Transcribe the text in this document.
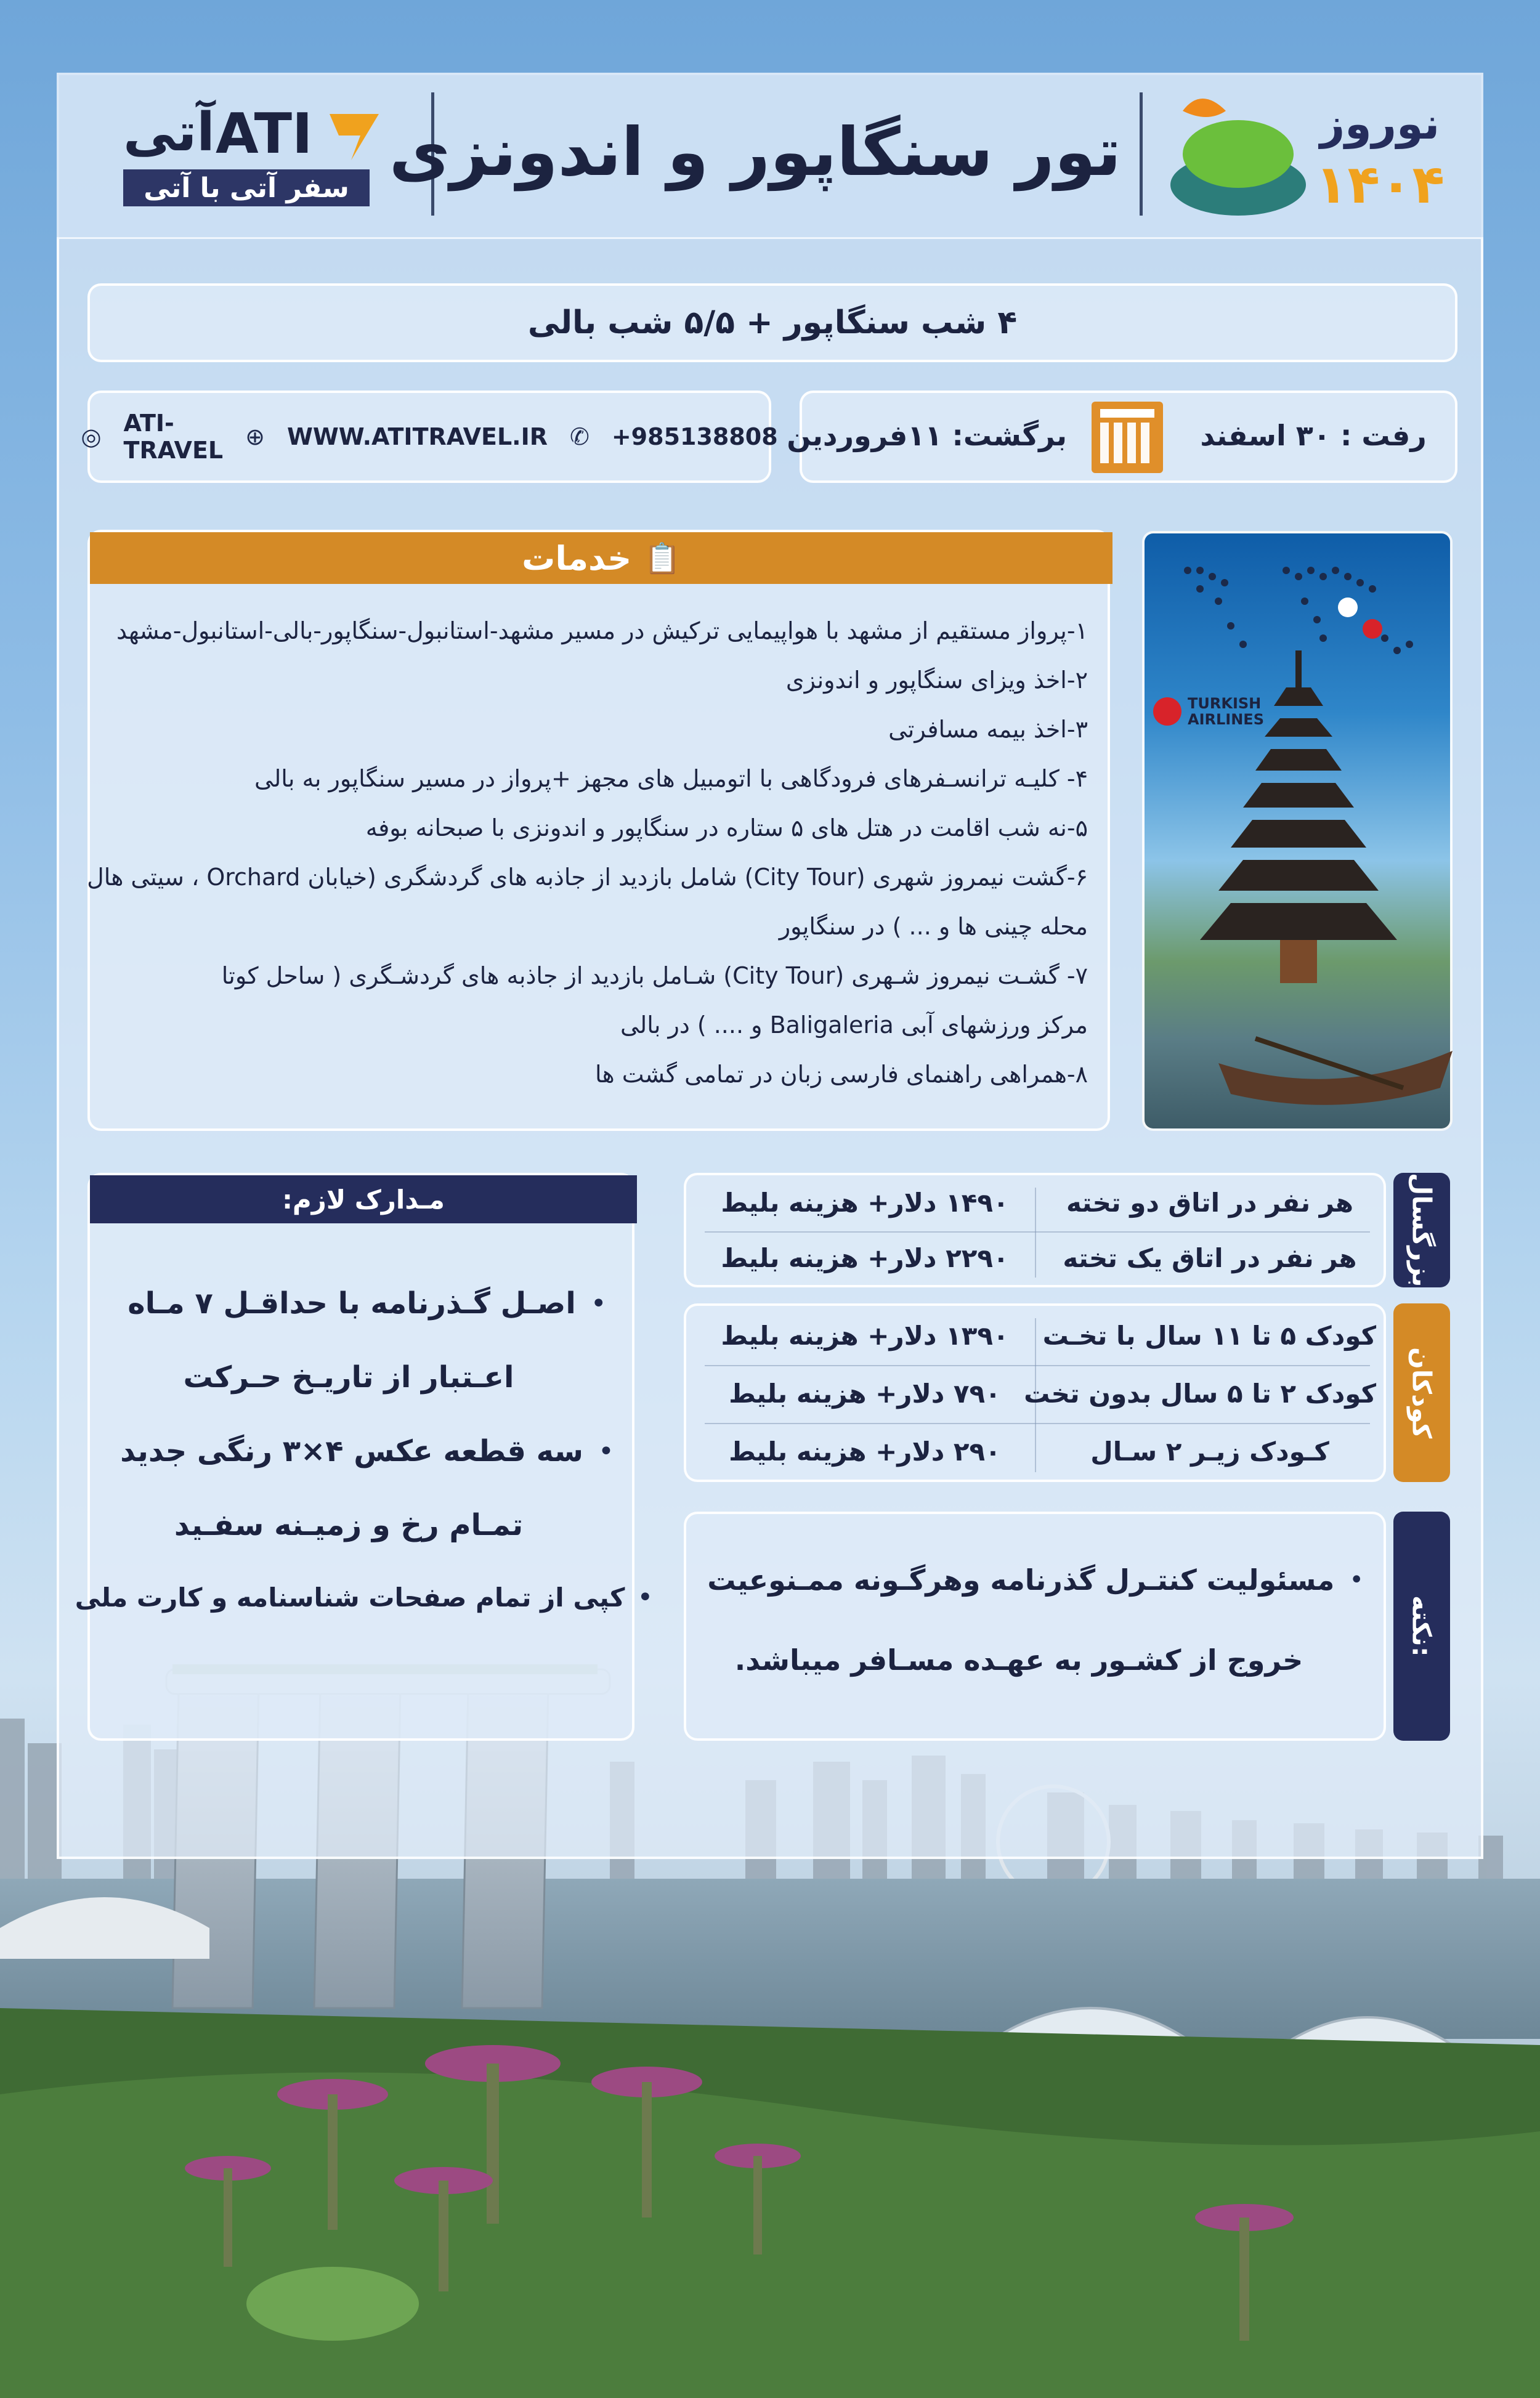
آتی ATI
سفر آتی با آتی تور سنگاپور و اندونزی	نوروز
۱۴۰۴
۴ شب سنگاپور + ۵/۵ شب بالی
◎ ATI-TRAVEL ⊕ WWW.ATITRAVEL.IR ✆ +985138808 برگشت: ۱۱فروردین	رفت : ۳۰ اسفند
TURKISH
AIRLINES
📋
خدمات
۱-پرواز مستقیم از مشهد با هواپیمایی ترکیش در مسیر مشهد-استانبول-سنگاپور-بالی-استانبول-مشهد
۲-اخذ ویزای سنگاپور و اندونزی
۳-اخذ بیمه مسافرتی
۴- کلیـه ترانسـفرهای فرودگاهی با اتومبیل های مجهز +پرواز در مسیر سنگاپور به بالی
۵-نه شب اقامت در هتل های ۵ ستاره در سنگاپور و اندونزی با صبحانه بوفه
۶-گشت نیمروز شهری (City Tour) شامل بازدید از جاذبه های گردشگری (خیابان Orchard ، سیتی هال
محله چینی ها و ... ) در سنگاپور
۷- گشـت نیمروز شـهری (City Tour) شـامل بازدید از جاذبه های گردشـگری ( ساحل کوتا
مرکز ورزشهای آبی Baligaleria و .... ) در بالی
۸-همراهی راهنمای فارسی زبان در تمامی گشت ها
بزرگسال
هر نفر در اتاق دو تخته
۱۴۹۰ دلار+ هزینه بلیط
هر نفر در اتاق یک تخته
۲۲۹۰ دلار+ هزینه بلیط
کودکان
کودک ۵ تا ۱۱ سال با تخـت
۱۳۹۰ دلار+ هزینه بلیط
کودک ۲ تا ۵ سال بدون تخت
۷۹۰ دلار+ هزینه بلیط
کـودک زیـر ۲ سـال
۲۹۰ دلار+ هزینه بلیط
نکته:
•
مسئولیت کنتـرل گذرنامه وهرگـونه ممـنوعیت
خروج از کشـور به عهـده مسـافر میباشد.
مـدارک لازم:
•
اصـل گـذرنامه با حداقـل ۷ مـاه
اعـتبار از تاریـخ حـرکت
•
سه قطعه عکس ۴×۳ رنگی جدید
تمـام رخ و زمیـنه سفـید
•
کپی از تمام صفحات شناسنامه و کارت ملی
